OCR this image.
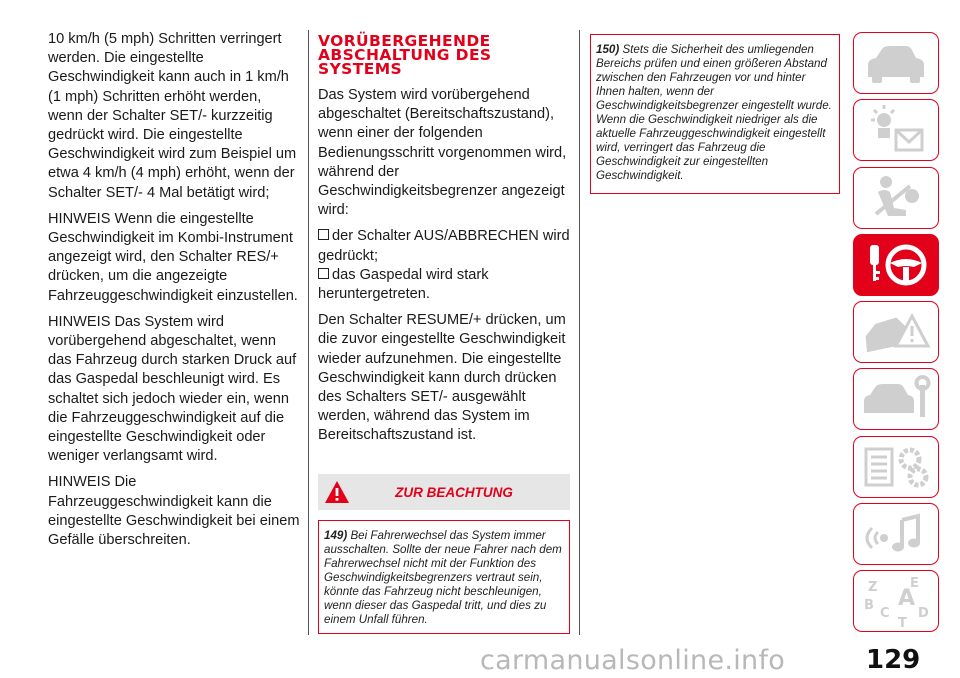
10 km/h (5 mph) Schritten verringert werden. Die eingestellte Geschwindigkeit kann auch in 1 km/h (1 mph) Schritten erhöht werden, wenn der Schalter SET/- kurzzeitig gedrückt wird. Die eingestellte Geschwindigkeit wird zum Beispiel um etwa 4 km/h (4 mph) erhöht, wenn der Schalter SET/- 4 Mal betätigt wird;

HINWEIS Wenn die eingestellte Geschwindigkeit im Kombi-Instrument angezeigt wird, den Schalter RES/+ drücken, um die angezeigte Fahrzeuggeschwindigkeit einzustellen.

HINWEIS Das System wird vorübergehend abgeschaltet, wenn das Fahrzeug durch starken Druck auf das Gaspedal beschleunigt wird. Es schaltet sich jedoch wieder ein, wenn die Fahrzeuggeschwindigkeit auf die eingestellte Geschwindigkeit oder weniger verlangsamt wird.

HINWEIS Die Fahrzeuggeschwindigkeit kann die eingestellte Geschwindigkeit bei einem Gefälle überschreiten.

VORÜBERGEHENDE ABSCHALTUNG DES SYSTEMS

Das System wird vorübergehend abgeschaltet (Bereitschaftszustand), wenn einer der folgenden Bedienungsschritt vorgenommen wird, während der Geschwindigkeitsbegrenzer angezeigt wird:

der Schalter AUS/ABBRECHEN wird gedrückt;

das Gaspedal wird stark heruntergetreten.

Den Schalter RESUME/+ drücken, um die zuvor eingestellte Geschwindigkeit wieder aufzunehmen. Die eingestellte Geschwindigkeit kann durch drücken des Schalters SET/- ausgewählt werden, während das System im Bereitschaftszustand ist.

ZUR BEACHTUNG
149) Bei Fahrerwechsel das System immer ausschalten. Sollte der neue Fahrer nach dem Fahrerwechsel nicht mit der Funktion des Geschwindigkeitsbegrenzers vertraut sein, könnte das Fahrzeug nicht beschleunigen, wenn dieser das Gaspedal tritt, und dies zu einem Unfall führen.
150) Stets die Sicherheit des umliegenden Bereichs prüfen und einen größeren Abstand zwischen den Fahrzeugen vor und hinter Ihnen halten, wenn der Geschwindigkeitsbegrenzer eingestellt wurde. Wenn die Geschwindigkeit niedriger als die aktuelle Fahrzeuggeschwindigkeit eingestellt wird, verringert das Fahrzeug die Geschwindigkeit zur eingestellten Geschwindigkeit.
Z	E
B A
C D
T
carmanualsonline.info	129
